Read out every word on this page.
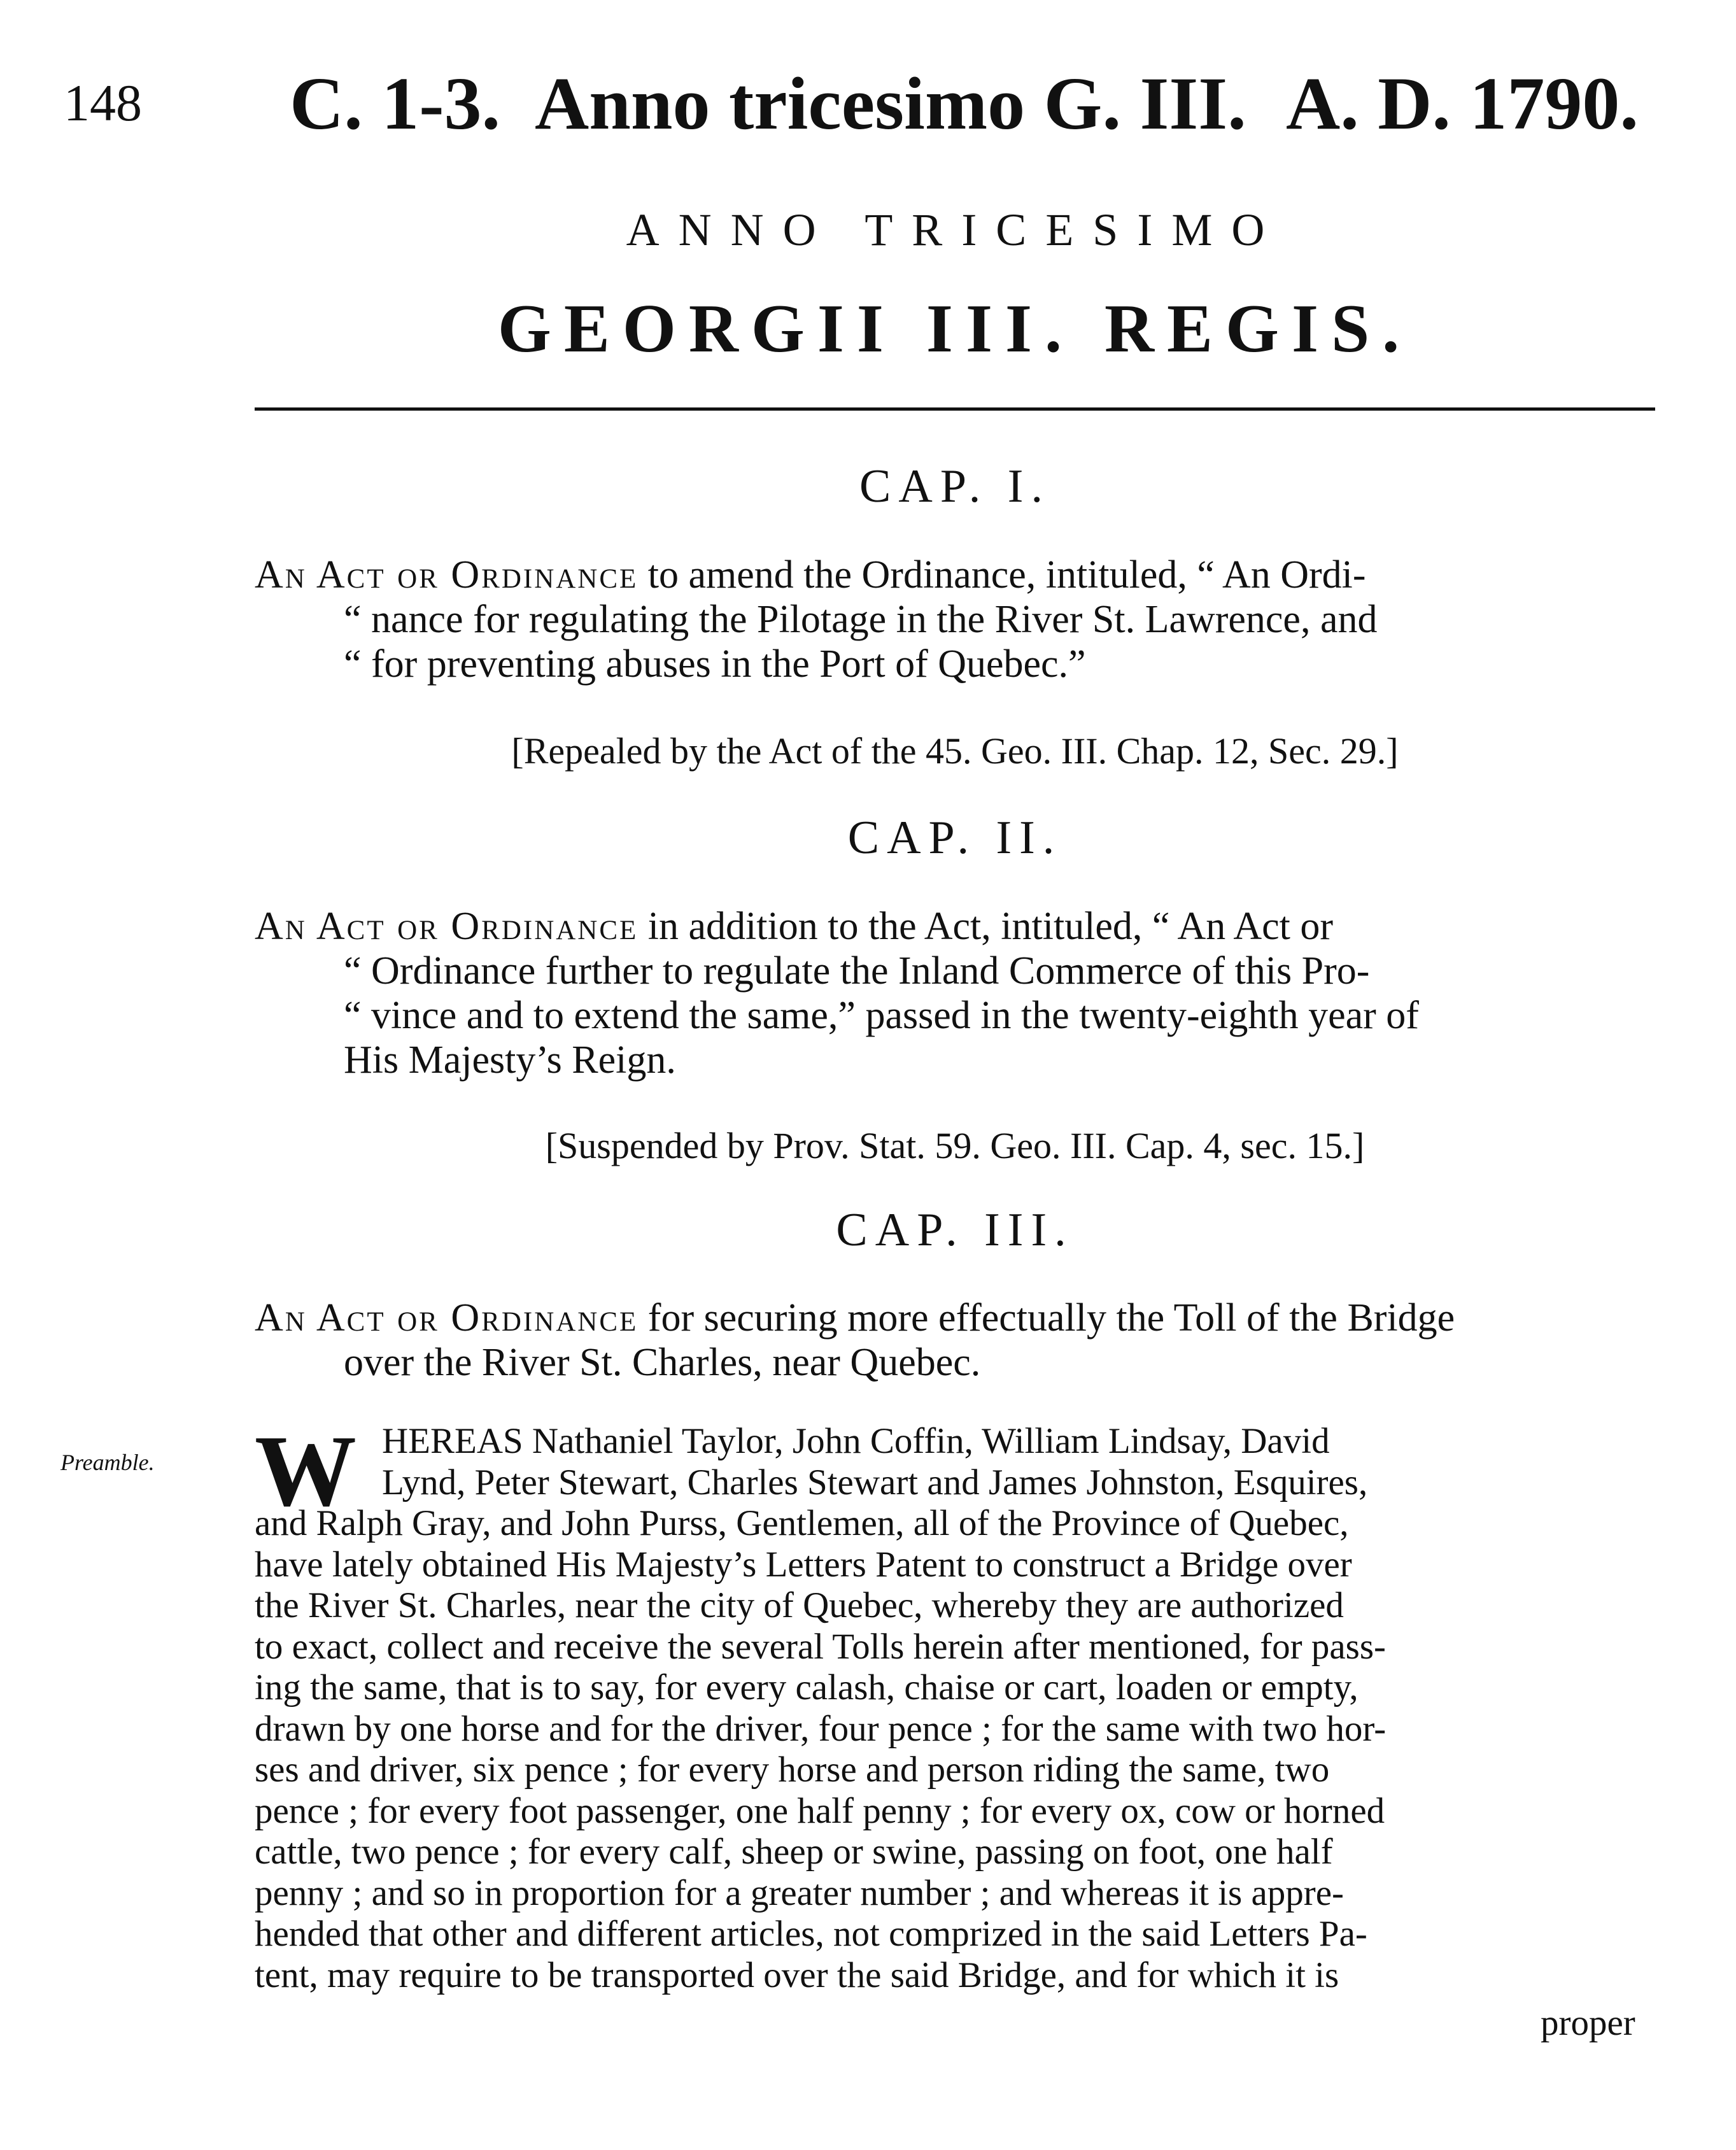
148 C. 1-3. Anno tricesimo G. III. A. D. 1790.
ANNO TRICESIMO
GEORGII III. REGIS.
CAP. I.

An Act or Ordinance to amend the Ordinance, intituled, “ An Ordi-

“ nance for regulating the Pilotage in the River St. Lawrence, and

“ for preventing abuses in the Port of Quebec.”

[Repealed by the Act of the 45. Geo. III. Chap. 12, Sec. 29.]
CAP. II.

An Act or Ordinance in addition to the Act, intituled, “ An Act or

“ Ordinance further to regulate the Inland Commerce of this Pro-

“ vince and to extend the same,” passed in the twenty-eighth year of

His Majesty’s Reign.

[Suspended by Prov. Stat. 59. Geo. III. Cap. 4, sec. 15.]
CAP. III.

An Act or Ordinance for securing more effectually the Toll of the Bridge

over the River St. Charles, near Quebec.

Preamble. W HEREAS Nathaniel Taylor, John Coffin, William Lindsay, David
Lynd, Peter Stewart, Charles Stewart and James Johnston, Esquires,
and Ralph Gray, and John Purss, Gentlemen, all of the Province of Quebec,
have lately obtained His Majesty’s Letters Patent to construct a Bridge over
the River St. Charles, near the city of Quebec, whereby they are authorized
to exact, collect and receive the several Tolls herein after mentioned, for pass-
ing the same, that is to say, for every calash, chaise or cart, loaden or empty,
drawn by one horse and for the driver, four pence ; for the same with two hor-
ses and driver, six pence ; for every horse and person riding the same, two
pence ; for every foot passenger, one half penny ; for every ox, cow or horned
cattle, two pence ; for every calf, sheep or swine, passing on foot, one half
penny ; and so in proportion for a greater number ; and whereas it is appre-
hended that other and different articles, not comprized in the said Letters Pa-
tent, may require to be transported over the said Bridge, and for which it is
proper
